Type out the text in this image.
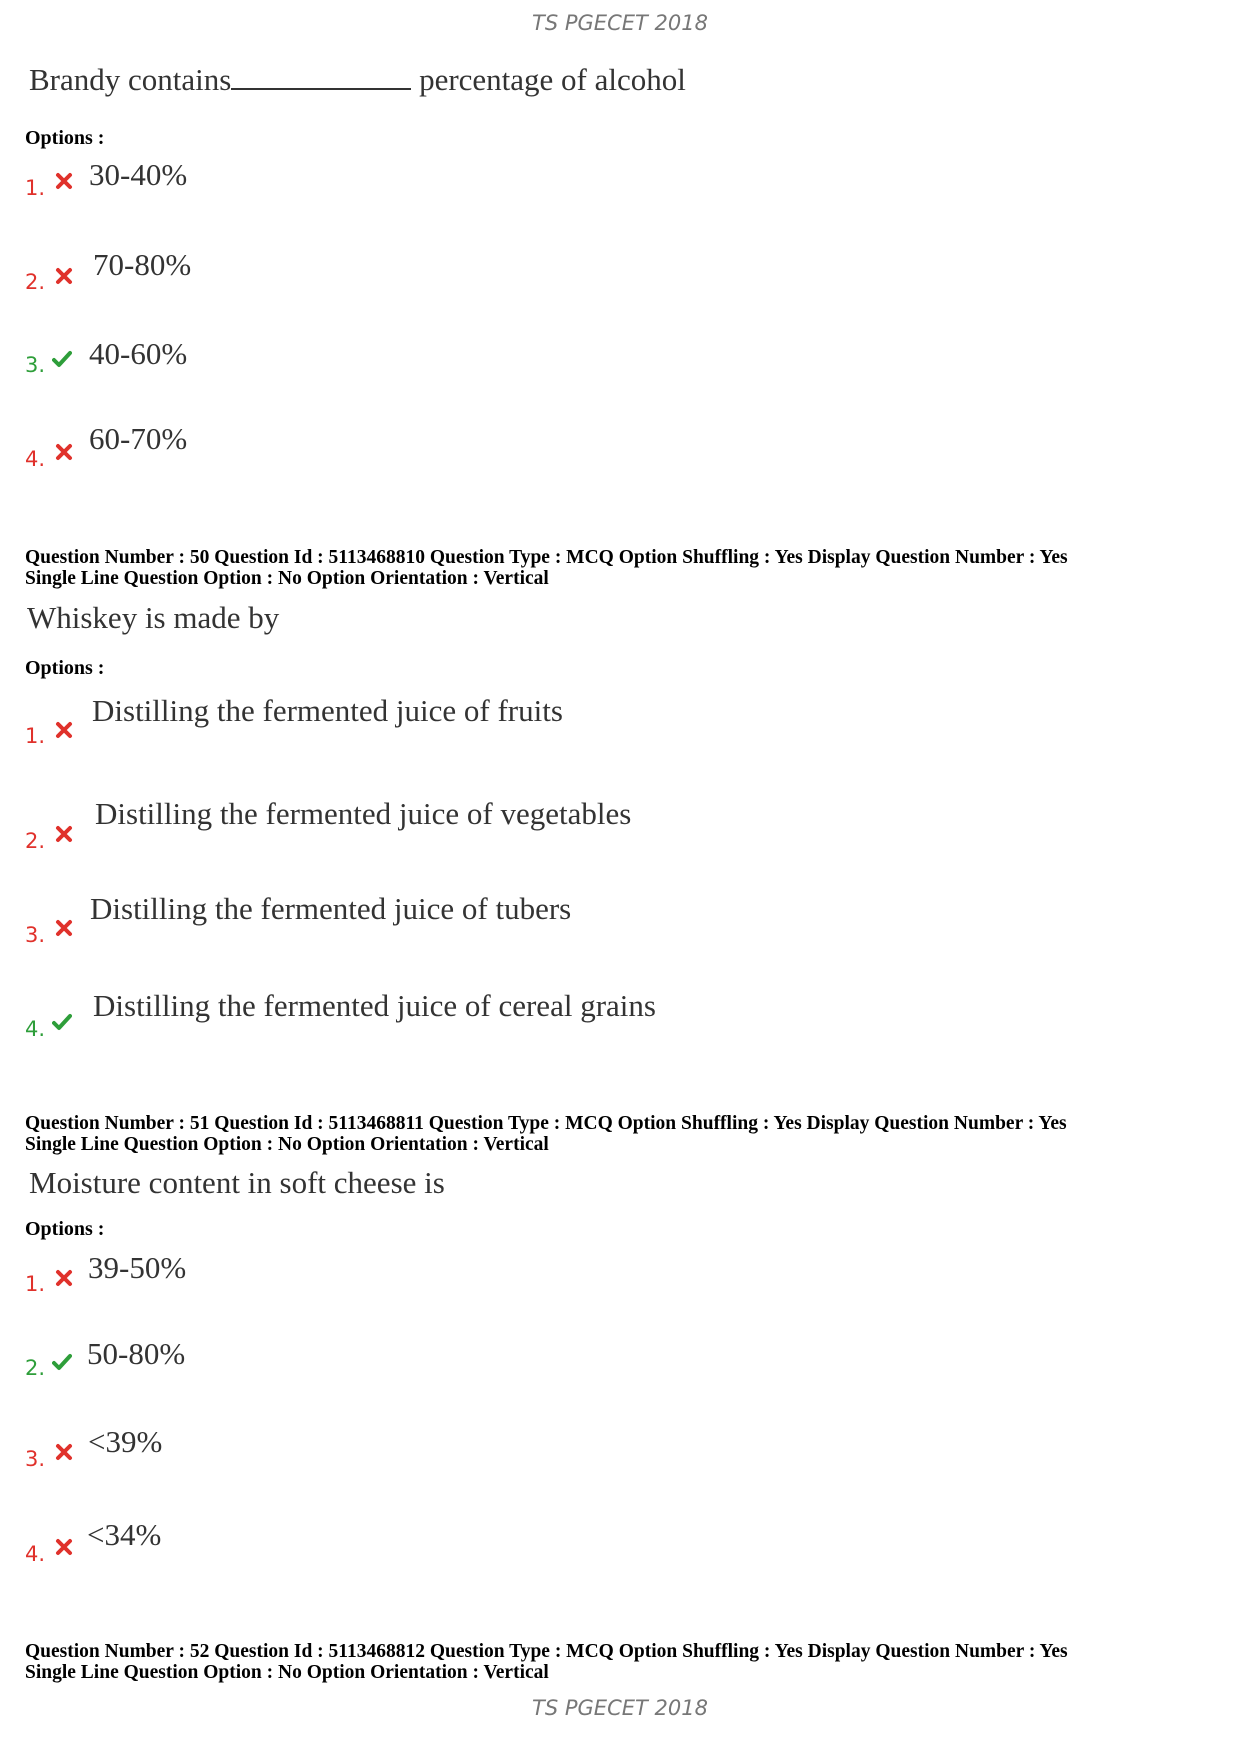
TS PGECET 2018
Brandy contains	percentage of alcohol
Options :
1. 30-40%
2. 70-80%
3. 40-60%
4.
60-70%
Question Number : 50 Question Id : 5113468810 Question Type : MCQ Option Shuffling : Yes Display Question Number : Yes
Single Line Question Option : No Option Orientation : Vertical
Whiskey is made by
Options :
1.
Distilling the fermented juice of fruits
2.
Distilling the fermented juice of vegetables
3.
Distilling the fermented juice of tubers
4.
Distilling the fermented juice of cereal grains
Question Number : 51 Question Id : 5113468811 Question Type : MCQ Option Shuffling : Yes Display Question Number : Yes
Single Line Question Option : No Option Orientation : Vertical
Moisture content in soft cheese is
Options :
1. 39-50%
2. 50-80%
3. <39%
4.
<34%
Question Number : 52 Question Id : 5113468812 Question Type : MCQ Option Shuffling : Yes Display Question Number : Yes
Single Line Question Option : No Option Orientation : Vertical
TS PGECET 2018
